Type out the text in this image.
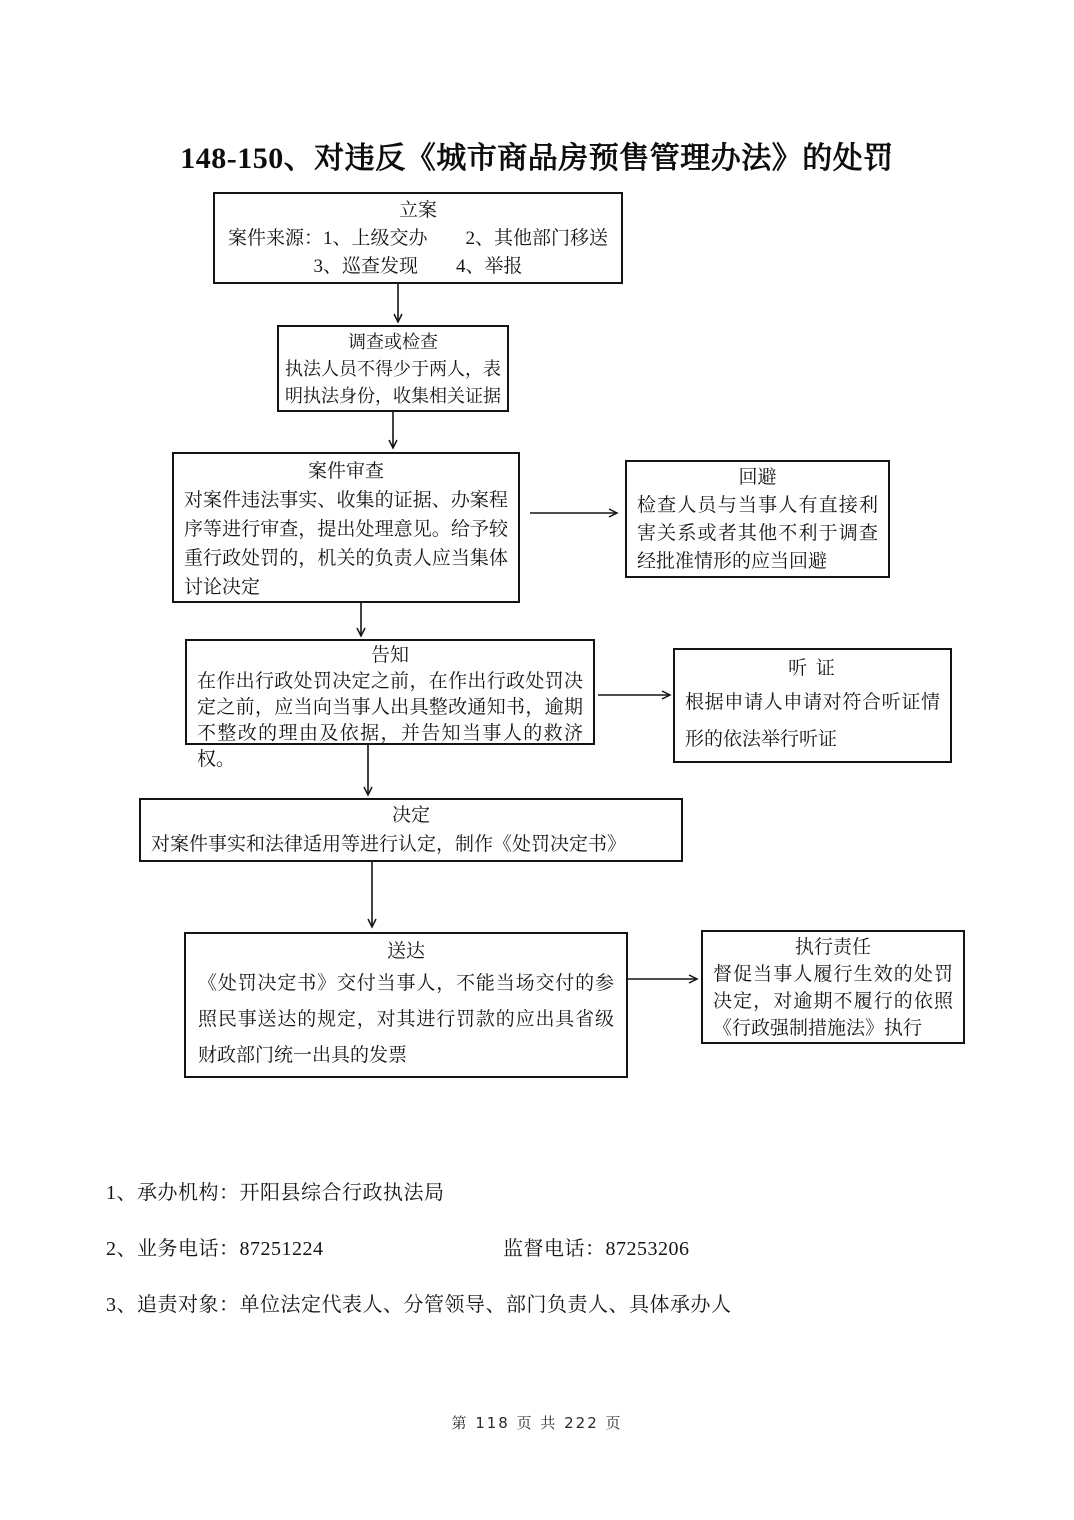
148-150、对违反《城市商品房预售管理办法》的处罚
立案
案件来源：1、上级交办　　2、其他部门移送
3、巡查发现　　4、举报
调查或检查
执法人员不得少于两人，表明执法身份，收集相关证据
案件审查
对案件违法事实、收集的证据、办案程序等进行审查，提出处理意见。给予较重行政处罚的，机关的负责人应当集体讨论决定
回避
检查人员与当事人有直接利害关系或者其他不利于调查经批准情形的应当回避
告知
在作出行政处罚决定之前，在作出行政处罚决定之前，应当向当事人出具整改通知书，逾期不整改的理由及依据，并告知当事人的救济权。
听 证
根据申请人申请对符合听证情形的依法举行听证
决定
对案件事实和法律适用等进行认定，制作《处罚决定书》
送达
《处罚决定书》交付当事人，不能当场交付的参照民事送达的规定，对其进行罚款的应出具省级财政部门统一出具的发票
执行责任
督促当事人履行生效的处罚决定，对逾期不履行的依照《行政强制措施法》执行
1、承办机构：开阳县综合行政执法局
2、业务电话：87251224	监督电话：87253206
3、追责对象：单位法定代表人、分管领导、部门负责人、具体承办人
第 118 页 共 222 页
